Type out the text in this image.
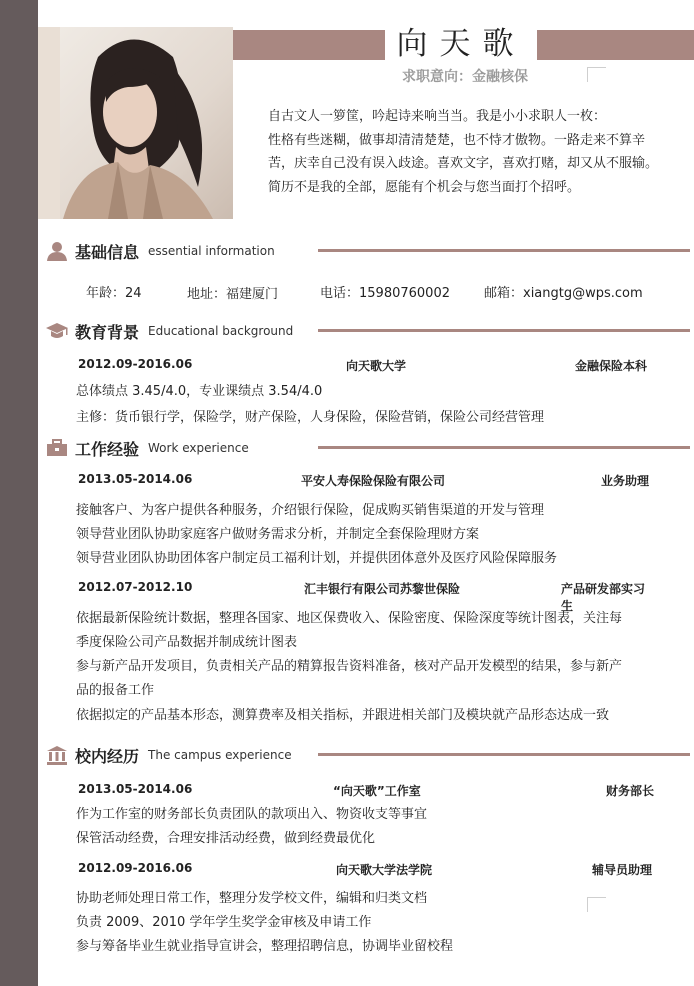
向天歌
求职意向：金融核保

自古文人一箩筐，吟起诗来响当当。我是小小求职人一枚：

性格有些迷糊，做事却清清楚楚，也不恃才傲物。一路走来不算辛

苦，庆幸自己没有误入歧途。喜欢文字，喜欢打赌，却又从不服输。

简历不是我的全部，愿能有个机会与您当面打个招呼。

基础信息 essential information
年龄：24	地址：福建厦门	电话：15980760002	邮箱：xiangtg@wps.com
教育背景 Educational background
2012.09-2016.06	向天歌大学	金融保险本科
总体绩点 3.45/4.0，专业课绩点 3.54/4.0
主修：货币银行学，保险学，财产保险，人身保险，保险营销，保险公司经营管理
工作经验 Work experience
2013.05-2014.06	平安人寿保险保险有限公司	业务助理
接触客户、为客户提供各种服务，介绍银行保险，促成购买销售渠道的开发与管理
领导营业团队协助家庭客户做财务需求分析，并制定全套保险理财方案
领导营业团队协助团体客户制定员工福利计划，并提供团体意外及医疗风险保障服务
2012.07-2012.10	汇丰银行有限公司苏黎世保险	产品研发部实习生
依据最新保险统计数据，整理各国家、地区保费收入、保险密度、保险深度等统计图表，关注每
季度保险公司产品数据并制成统计图表
参与新产品开发项目，负责相关产品的精算报告资料准备，核对产品开发模型的结果，参与新产
品的报备工作
依据拟定的产品基本形态，测算费率及相关指标，并跟进相关部门及模块就产品形态达成一致
校内经历 The campus experience
2013.05-2014.06	“向天歌”工作室	财务部长
作为工作室的财务部长负责团队的款项出入、物资收支等事宜
保管活动经费，合理安排活动经费，做到经费最优化
2012.09-2016.06	向天歌大学法学院	辅导员助理
协助老师处理日常工作，整理分发学校文件，编辑和归类文档
负责 2009、2010 学年学生奖学金审核及申请工作
参与筹备毕业生就业指导宣讲会，整理招聘信息，协调毕业留校程
